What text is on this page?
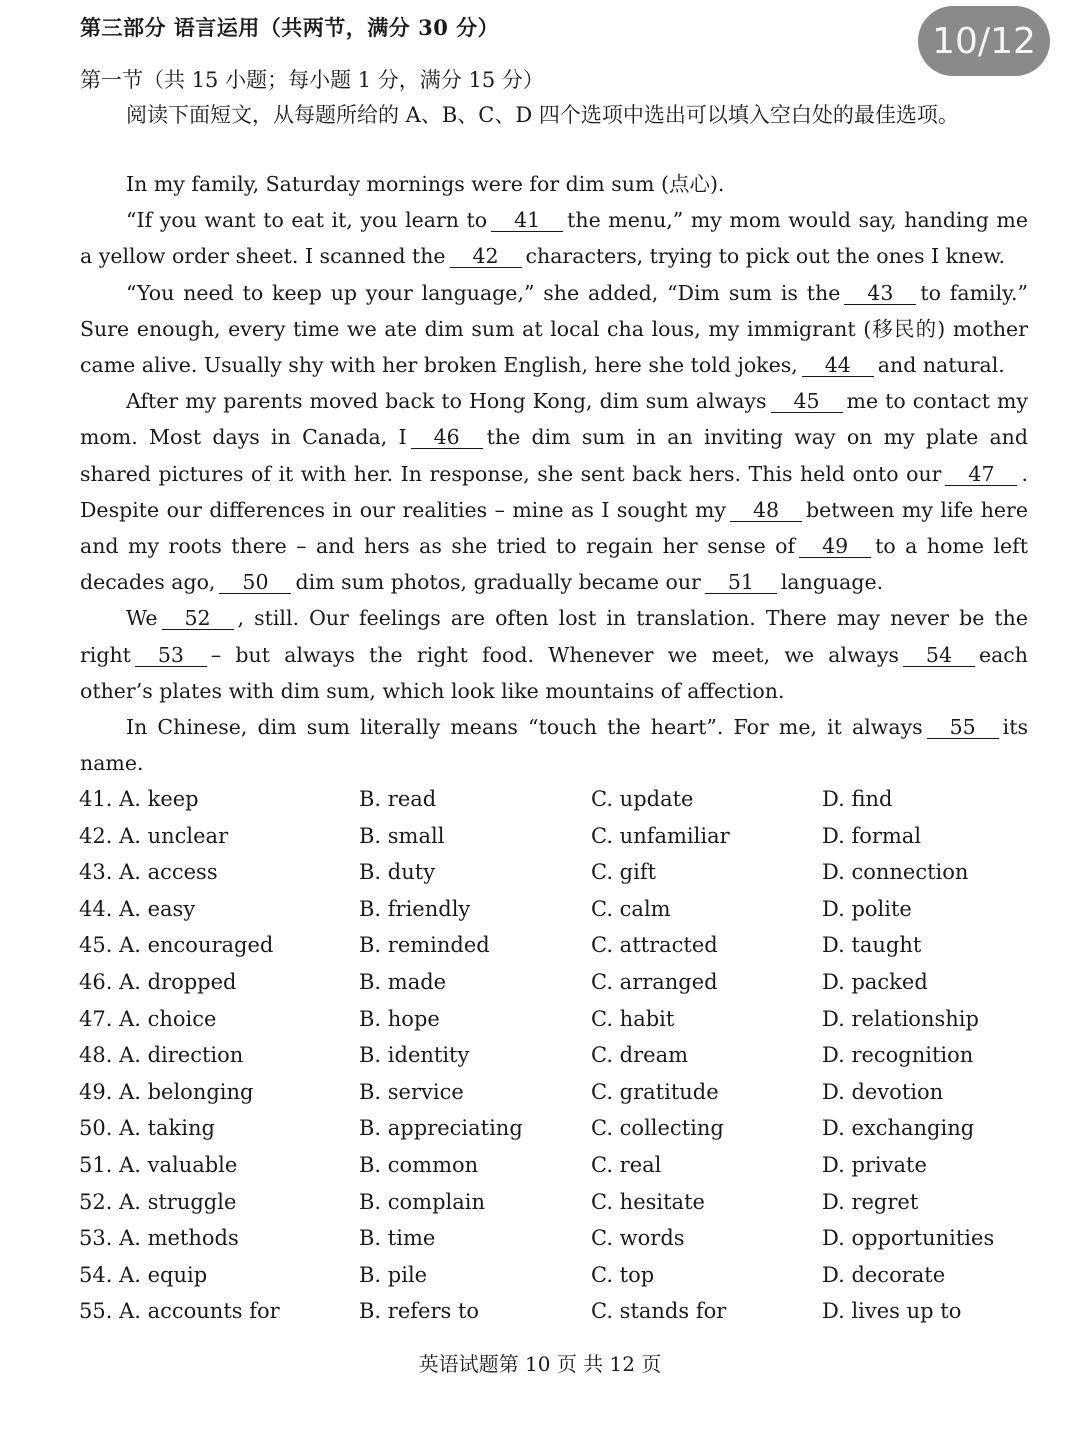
第三部分 语言运用（共两节，满分 30 分）	10/12
第一节（共 15 小题；每小题 1 分，满分 15 分）
阅读下面短文，从每题所给的 A、B、C、D 四个选项中选出可以填入空白处的最佳选项。

In my family, Saturday mornings were for dim sum (点心).

“If you want to eat it, you learn to 41 the menu,” my mom would say, handing me a yellow order sheet. I scanned the 42 characters, trying to pick out the ones I knew.

“You need to keep up your language,” she added, “Dim sum is the 43 to family.” Sure enough, every time we ate dim sum at local cha lous, my immigrant (移民的) mother came alive. Usually shy with her broken English, here she told jokes, 44 and natural.

After my parents moved back to Hong Kong, dim sum always 45 me to contact my mom. Most days in Canada, I 46 the dim sum in an inviting way on my plate and shared pictures of it with her. In response, she sent back hers. This held onto our 47 . Despite our differences in our realities – mine as I sought my 48 between my life here and my roots there – and hers as she tried to regain her sense of 49 to a home left decades ago, 50 dim sum photos, gradually became our 51 language.

We 52 , still. Our feelings are often lost in translation. There may never be the right 53 – but always the right food. Whenever we meet, we always 54 each other’s plates with dim sum, which look like mountains of affection.

In Chinese, dim sum literally means “touch the heart”. For me, it always 55 its name.

41. A. keep	B. read	C. update	D. find
42. A. unclear	B. small	C. unfamiliar	D. formal
43. A. access	B. duty	C. gift	D. connection
44. A. easy	B. friendly	C. calm	D. polite
45. A. encouraged	B. reminded	C. attracted	D. taught
46. A. dropped	B. made	C. arranged	D. packed
47. A. choice	B. hope	C. habit	D. relationship
48. A. direction	B. identity	C. dream	D. recognition
49. A. belonging	B. service	C. gratitude	D. devotion
50. A. taking	B. appreciating	C. collecting	D. exchanging
51. A. valuable	B. common	C. real	D. private
52. A. struggle	B. complain	C. hesitate	D. regret
53. A. methods	B. time	C. words	D. opportunities
54. A. equip	B. pile	C. top	D. decorate
55. A. accounts for	B. refers to	C. stands for	D. lives up to
英语试题第 10 页 共 12 页
